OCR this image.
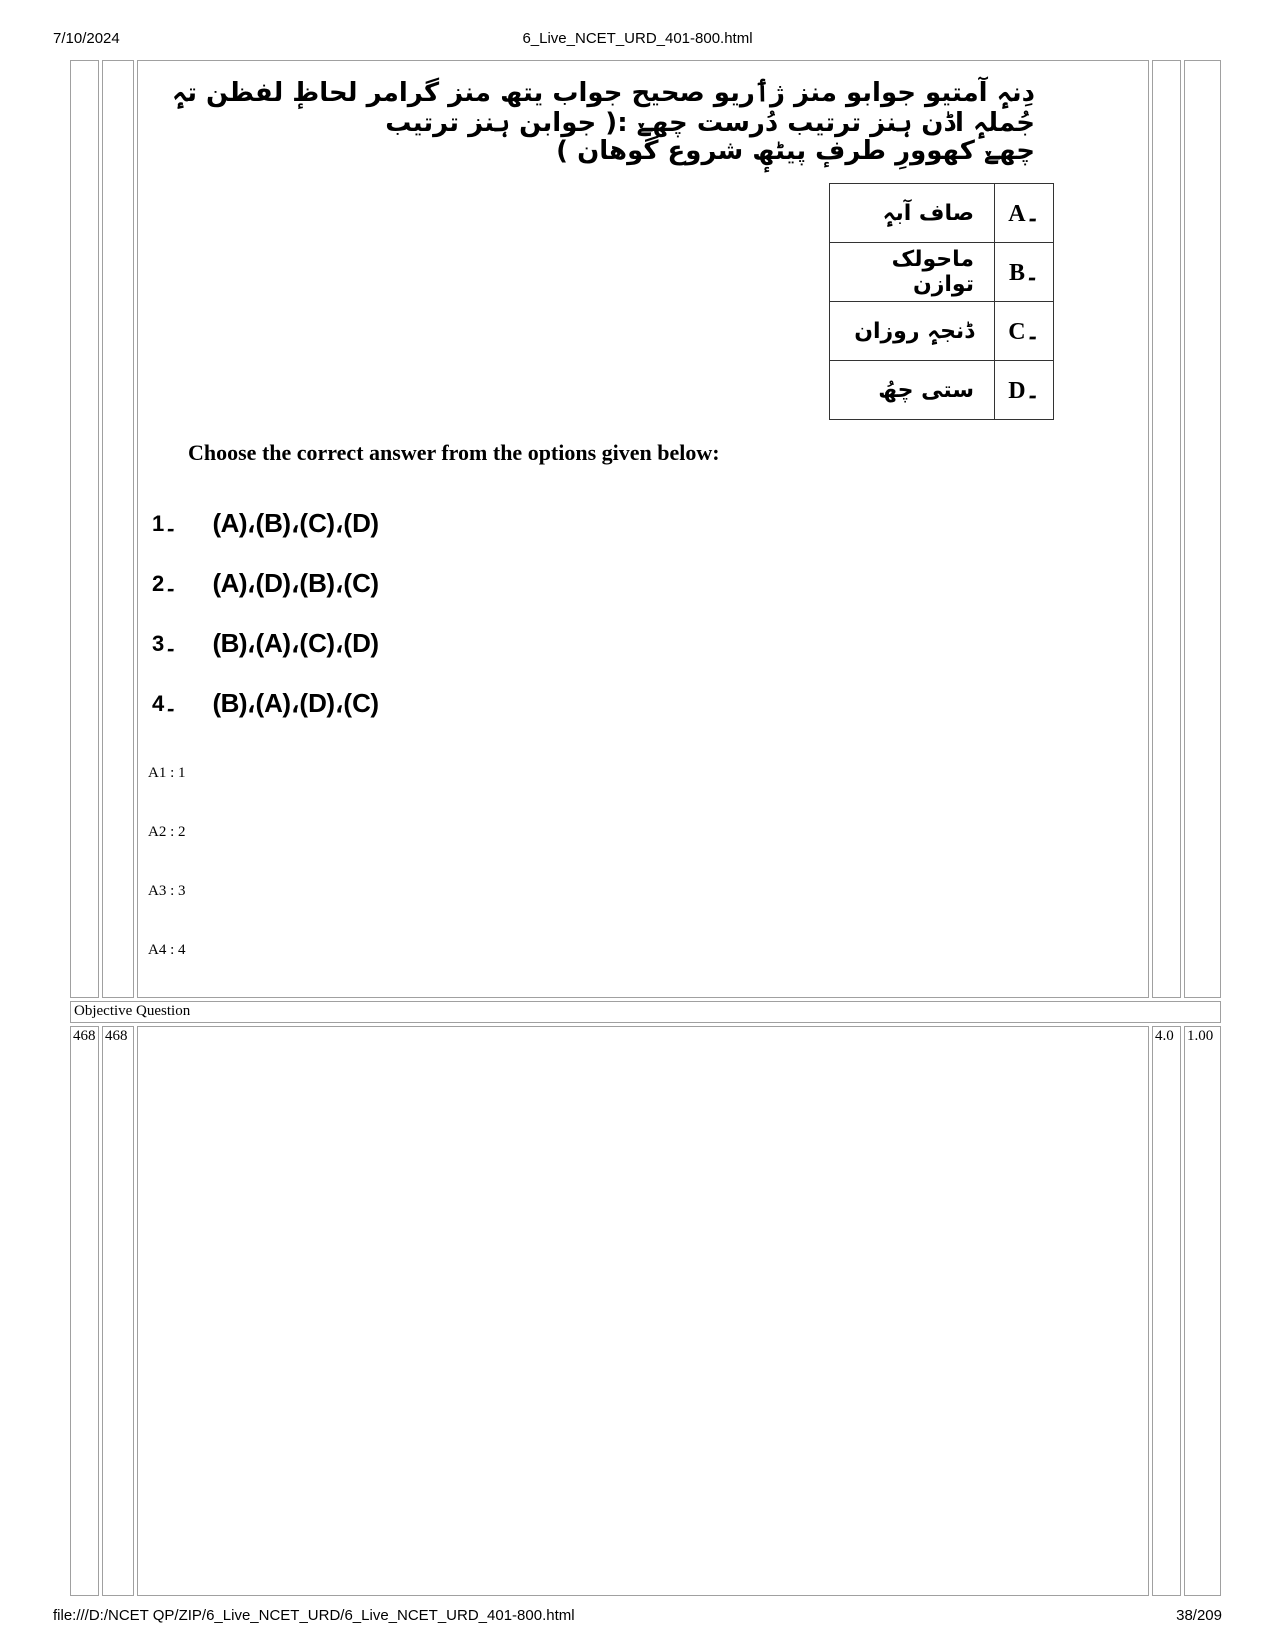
7/10/2024	6_Live_NCET_URD_401-800.html
file:///D:/NCET QP/ZIP/6_Live_NCET_URD/6_Live_NCET_URD_401-800.html	38/209
دِنہٕ آمتیو جوابو منز ژٲریو صحیح جواب یتھ منز گرامر لحاظٕ لفظن تہٕ جُملہٕ اڈن ہنز ترتیب دُرست چھےٚ :( جوابن ہنز ترتیب
چھےٚ کھوورِ طرفٕ پیٹھٕ شروع گوھان )
صاف آبہٕ	A۔
ماحولک توازن	B۔
ڈنجہٕ روزان	C۔
ستی چھُ	D۔
Choose the correct answer from the options given below:
1۔ (A)،(B)،(C)،(D)
2۔ (A)،(D)،(B)،(C)
3۔ (B)،(A)،(C)،(D)
4۔ (B)،(A)،(D)،(C)
A1 : 1
A2 : 2
A3 : 3
A4 : 4
Objective Question
468 468	4.0 1.00
